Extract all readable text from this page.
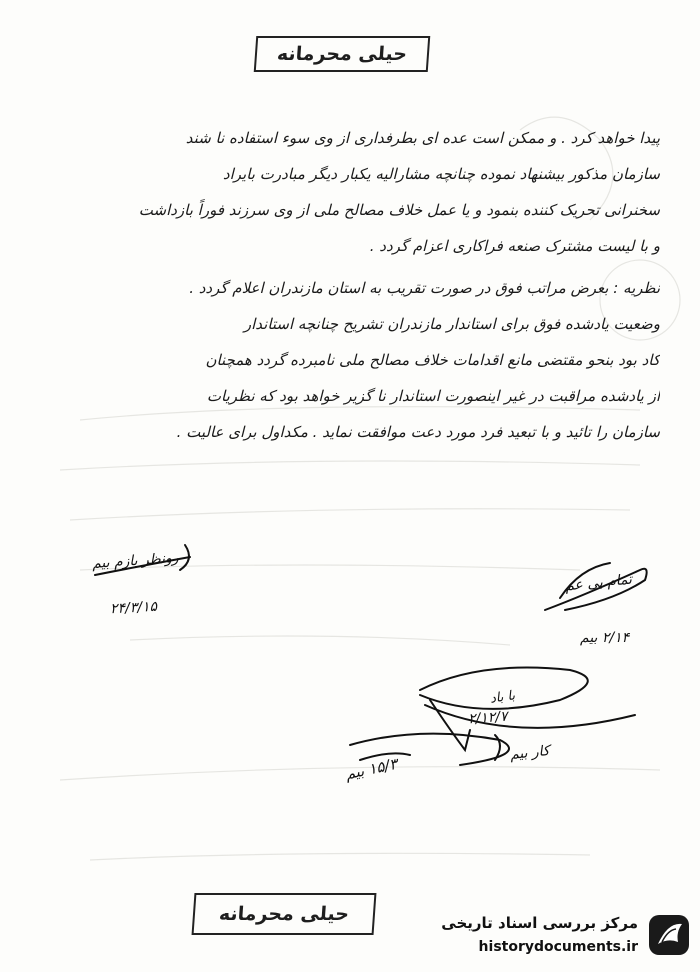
حیلی محرمانه
پیدا خواهد کرد . و ممکن است عده ای بطرفداری از وی سوء استفاده نا شند
سازمان مذکور بیشنهاد نموده چنانچه مشارالیه یکبار دیگر مبادرت بایراد
سخنرانی تحریک کننده بنمود و یا عمل خلاف مصالح ملی از وی سرزند فوراً بازداشت
و با لیست مشترک صنعه فراکاری اعزام گردد .
نظریه : بعرض مراتب فوق در صورت تقریب به استان مازندران اعلام گردد .
وضعیت یادشده فوق برای استاندار مازندران تشریح چنانچه استاندار
کاد بود بنحو مقتضی مانع اقدامات خلاف مصالح ملی نامبرده گردد همچنان
از یادشده مراقبت در غیر اینصورت استاندار نا گزیر خواهد بود که نظریات
سازمان را تائید و با تبعید فرد مورد دعت موافقت نماید . مکداول برای عالیت .
رونظر بازم بیم
۲۴/۳/۱۵
تمام بی عم
۲/۱۴ بیم
با باد
۲/۱۲/۷
کار بیم
۱۵/۳ بیم
حیلی محرمانه	مرکز بررسی اسناد تاریخی
historydocuments.ir
